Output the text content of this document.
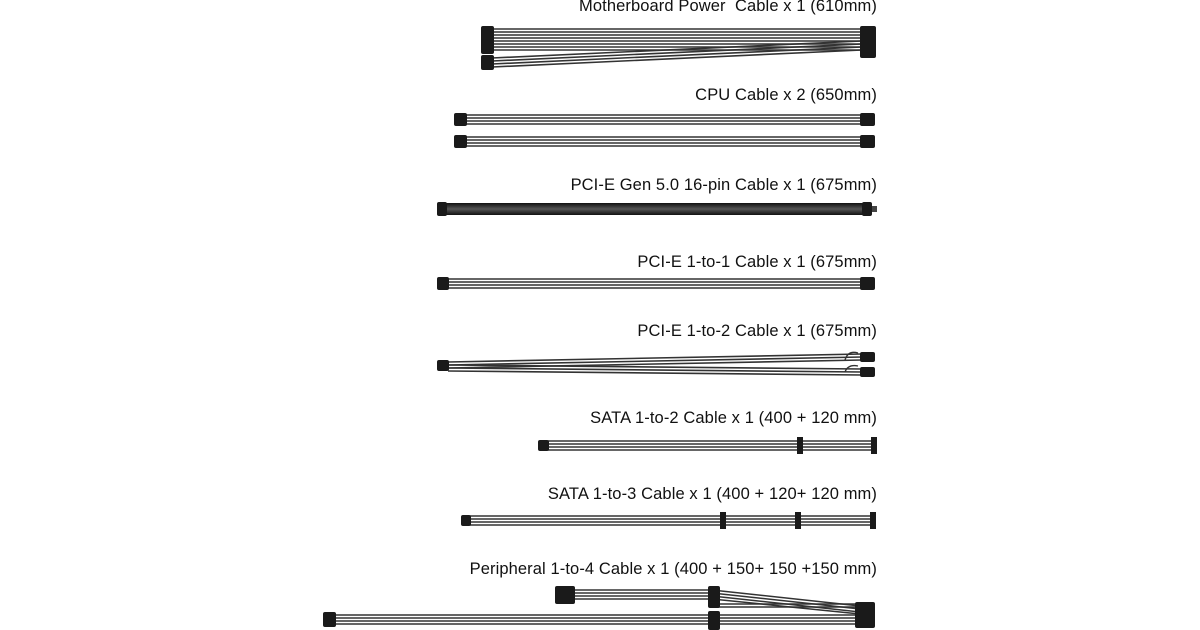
Motherboard Power  Cable x 1 (610mm)
CPU Cable x 2 (650mm)
PCI-E Gen 5.0 16-pin Cable x 1 (675mm)
PCI-E 1-to-1 Cable x 1 (675mm)
PCI-E 1-to-2 Cable x 1 (675mm)
SATA 1-to-2 Cable x 1 (400 + 120 mm)
SATA 1-to-3 Cable x 1 (400 + 120+ 120 mm)
Peripheral 1-to-4 Cable x 1 (400 + 150+ 150 +150 mm)
